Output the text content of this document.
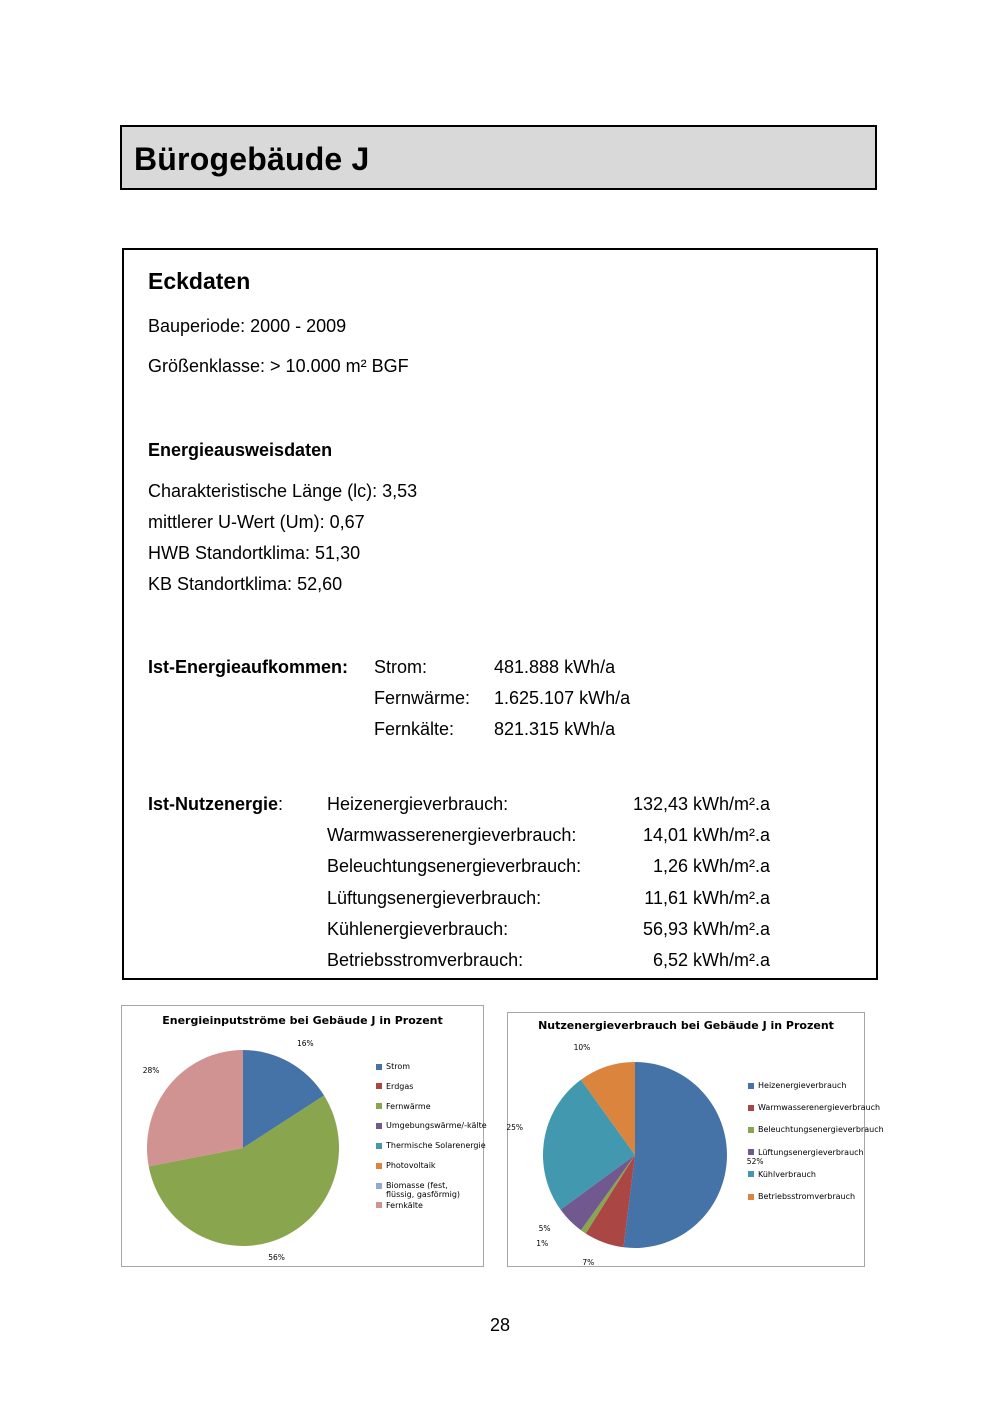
Bürogebäude J
Eckdaten
Bauperiode: 2000 - 2009
Größenklasse: > 10.000 m² BGF
Energieausweisdaten
Charakteristische Länge (lc): 3,53
mittlerer U-Wert (Um): 0,67
HWB Standortklima: 51,30
KB Standortklima: 52,60
Ist-Energieaufkommen: Strom:	481.888 kWh/a
Fernwärme: 1.625.107 kWh/a
Fernkälte: 821.315 kWh/a
Ist-Nutzenergie: Heizenergieverbrauch:	132,43 kWh/m².a
Warmwasserenergieverbrauch:	14,01 kWh/m².a
Beleuchtungsenergieverbrauch:	1,26 kWh/m².a
Lüftungsenergieverbrauch:	11,61 kWh/m².a
Kühlenergieverbrauch:	56,93 kWh/m².a
Betriebsstromverbrauch:	6,52 kWh/m².a
Energieinputströme bei Gebäude J in Prozent
Strom
Erdgas
Fernwärme
Umgebungswärme/-kälte
Thermische Solarenergie
Photovoltaik
Biomasse (fest, flüssig, gasförmig)
Fernkälte
16%
56%
28%
Nutzenergieverbrauch bei Gebäude J in Prozent
Heizenergieverbrauch
Warmwasserenergieverbrauch
Beleuchtungsenergieverbrauch
Lüftungsenergieverbrauch
Kühlverbrauch
Betriebsstromverbrauch
52%
7%
1%
5%
25%
10%
28
